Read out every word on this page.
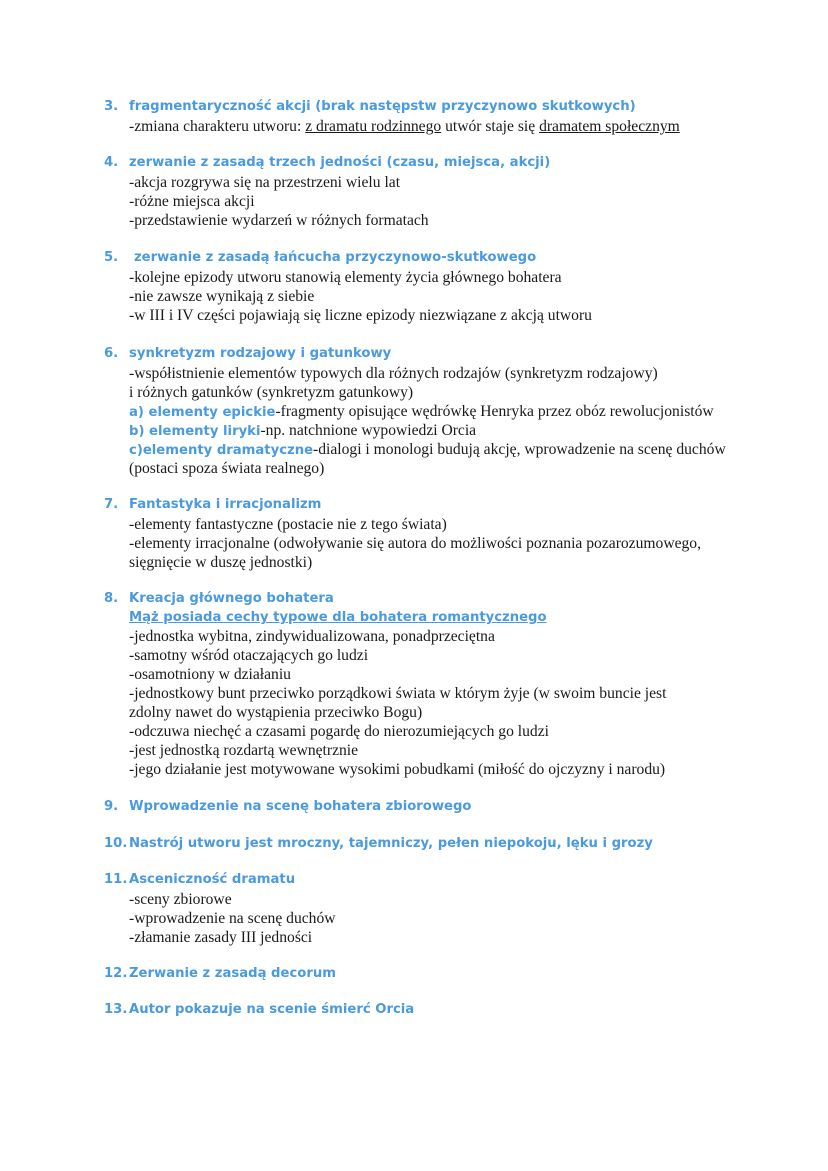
3. fragmentaryczność akcji (brak następstw przyczynowo skutkowych)
-zmiana charakteru utworu: z dramatu rodzinnego utwór staje się dramatem społecznym
4. zerwanie z zasadą trzech jedności (czasu, miejsca, akcji)
-akcja rozgrywa się na przestrzeni wielu lat
-różne miejsca akcji
-przedstawienie wydarzeń w różnych formatach
5. zerwanie z zasadą łańcucha przyczynowo-skutkowego
-kolejne epizody utworu stanowią elementy życia głównego bohatera
-nie zawsze wynikają z siebie
-w III i IV części pojawiają się liczne epizody niezwiązane z akcją utworu
6. synkretyzm rodzajowy i gatunkowy
-współistnienie elementów typowych dla różnych rodzajów (synkretyzm rodzajowy)
i różnych gatunków (synkretyzm gatunkowy)
a) elementy epickie-fragmenty opisujące wędrówkę Henryka przez obóz rewolucjonistów
b) elementy liryki-np. natchnione wypowiedzi Orcia
c)elementy dramatyczne-dialogi i monologi budują akcję, wprowadzenie na scenę duchów
(postaci spoza świata realnego)
7. Fantastyka i irracjonalizm
-elementy fantastyczne (postacie nie z tego świata)
-elementy irracjonalne (odwoływanie się autora do możliwości poznania pozarozumowego,
sięgnięcie w duszę jednostki)
8. Kreacja głównego bohatera
Mąż posiada cechy typowe dla bohatera romantycznego
-jednostka wybitna, zindywidualizowana, ponadprzeciętna
-samotny wśród otaczających go ludzi
-osamotniony w działaniu
-jednostkowy bunt przeciwko porządkowi świata w którym żyje (w swoim buncie jest
zdolny nawet do wystąpienia przeciwko Bogu)
-odczuwa niechęć a czasami pogardę do nierozumiejących go ludzi
-jest jednostką rozdartą wewnętrznie
-jego działanie jest motywowane wysokimi pobudkami (miłość do ojczyzny i narodu)
9. Wprowadzenie na scenę bohatera zbiorowego
10. Nastrój utworu jest mroczny, tajemniczy, pełen niepokoju, lęku i grozy
11. Asceniczność dramatu
-sceny zbiorowe
-wprowadzenie na scenę duchów
-złamanie zasady III jedności
12. Zerwanie z zasadą decorum
13. Autor pokazuje na scenie śmierć Orcia
